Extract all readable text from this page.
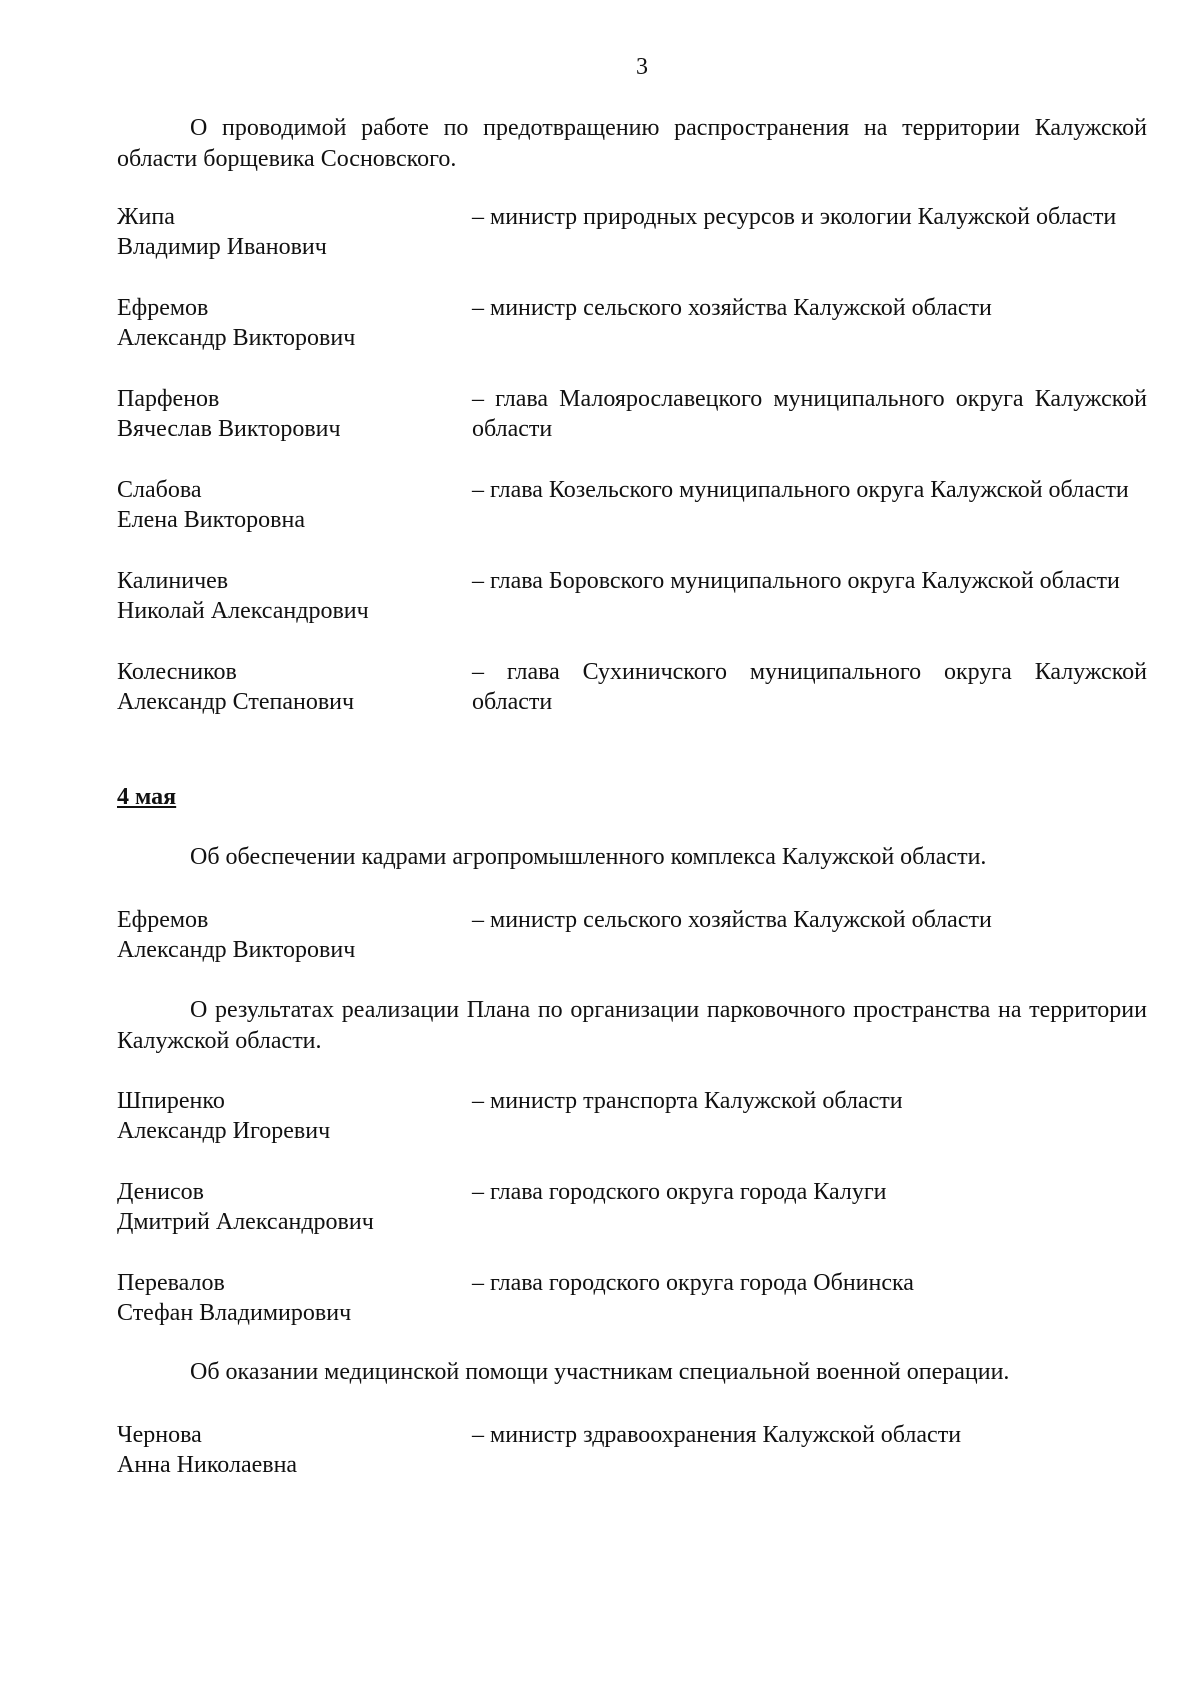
3

О проводимой работе по предотвращению распространения на территории Калужской области борщевика Сосновского.

Жипа
Владимир Иванович
– министр природных ресурсов и экологии Калужской области
Ефремов
Александр Викторович
– министр сельского хозяйства Калужской области
Парфенов
Вячеслав Викторович
– глава Малоярославецкого муниципального округа Калужской области
Слабова
Елена Викторовна
– глава Козельского муниципального округа Калужской области
Калиничев
Николай Александрович
– глава Боровского муниципального округа Калужской области
Колесников
Александр Степанович
– глава Сухиничского муниципального округа Калужской области
4 мая

Об обеспечении кадрами агропромышленного комплекса Калужской области.

Ефремов
Александр Викторович
– министр сельского хозяйства Калужской области

О результатах реализации Плана по организации парковочного пространства на территории Калужской области.

Шпиренко
Александр Игоревич
– министр транспорта Калужской области
Денисов
Дмитрий Александрович
– глава городского округа города Калуги
Перевалов
Стефан Владимирович
– глава городского округа города Обнинска

Об оказании медицинской помощи участникам специальной военной операции.

Чернова
Анна Николаевна
– министр здравоохранения Калужской области
